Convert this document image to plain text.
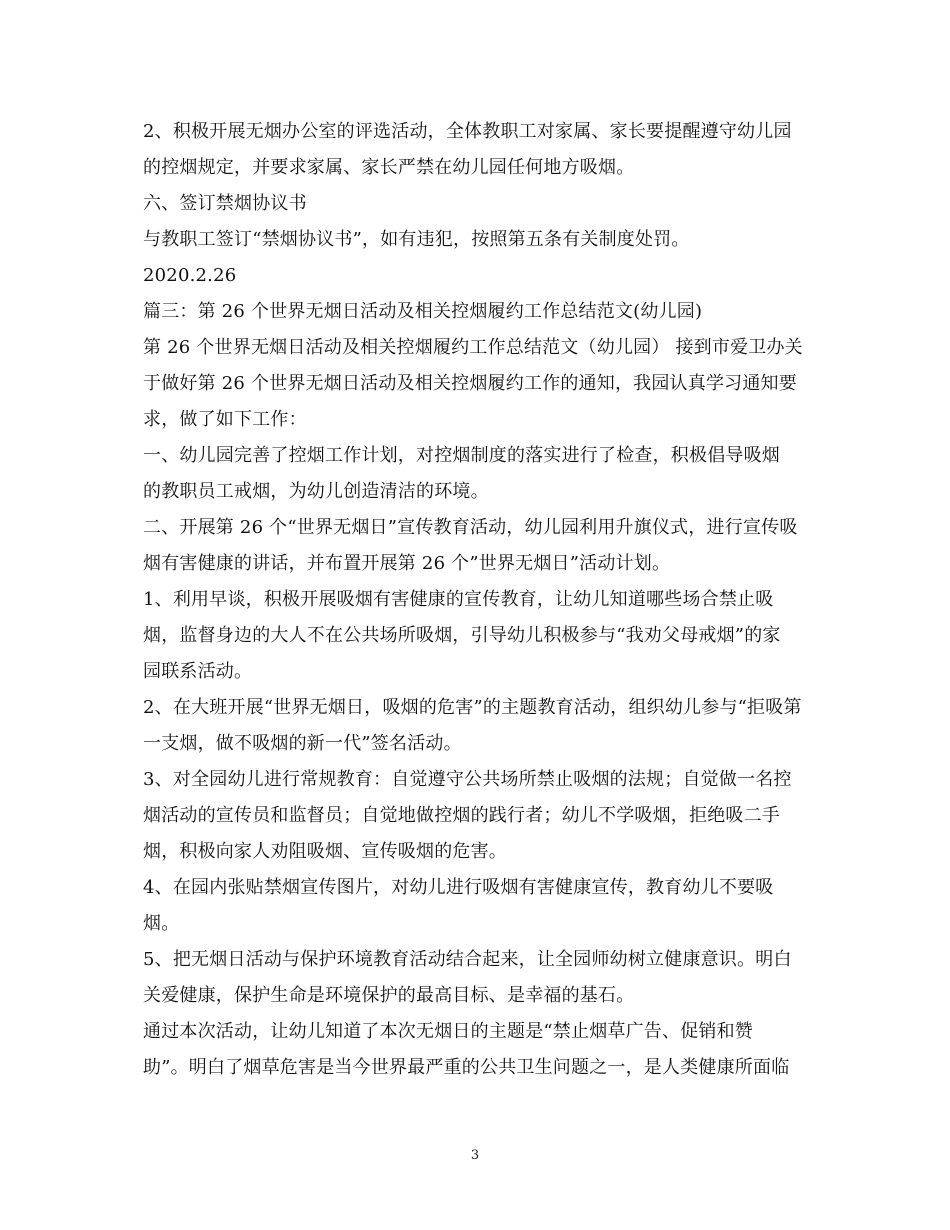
2、积极开展无烟办公室的评选活动，全体教职工对家属、家长要提醒遵守幼儿园
的控烟规定，并要求家属、家长严禁在幼儿园任何地方吸烟。
六、签订禁烟协议书
与教职工签订“禁烟协议书”，如有违犯，按照第五条有关制度处罚。
2020.2.26
篇三：第 26 个世界无烟日活动及相关控烟履约工作总结范文(幼儿园)
第 26 个世界无烟日活动及相关控烟履约工作总结范文（幼儿园） 接到市爱卫办关
于做好第 26 个世界无烟日活动及相关控烟履约工作的通知，我园认真学习通知要
求，做了如下工作：
一、幼儿园完善了控烟工作计划，对控烟制度的落实进行了检查，积极倡导吸烟
的教职员工戒烟，为幼儿创造清洁的环境。
二、开展第 26 个“世界无烟日”宣传教育活动，幼儿园利用升旗仪式，进行宣传吸
烟有害健康的讲话，并布置开展第 26 个”世界无烟日”活动计划。
1、利用早谈，积极开展吸烟有害健康的宣传教育，让幼儿知道哪些场合禁止吸
烟，监督身边的大人不在公共场所吸烟，引导幼儿积极参与“我劝父母戒烟”的家
园联系活动。
2、在大班开展“世界无烟日，吸烟的危害”的主题教育活动，组织幼儿参与“拒吸第
一支烟，做不吸烟的新一代”签名活动。
3、对全园幼儿进行常规教育：自觉遵守公共场所禁止吸烟的法规；自觉做一名控
烟活动的宣传员和监督员；自觉地做控烟的践行者；幼儿不学吸烟，拒绝吸二手
烟，积极向家人劝阻吸烟、宣传吸烟的危害。
4、在园内张贴禁烟宣传图片，对幼儿进行吸烟有害健康宣传，教育幼儿不要吸
烟。
5、把无烟日活动与保护环境教育活动结合起来，让全园师幼树立健康意识。明白
关爱健康，保护生命是环境保护的最高目标、是幸福的基石。
通过本次活动，让幼儿知道了本次无烟日的主题是“禁止烟草广告、促销和赞
助”。明白了烟草危害是当今世界最严重的公共卫生问题之一，是人类健康所面临
3
